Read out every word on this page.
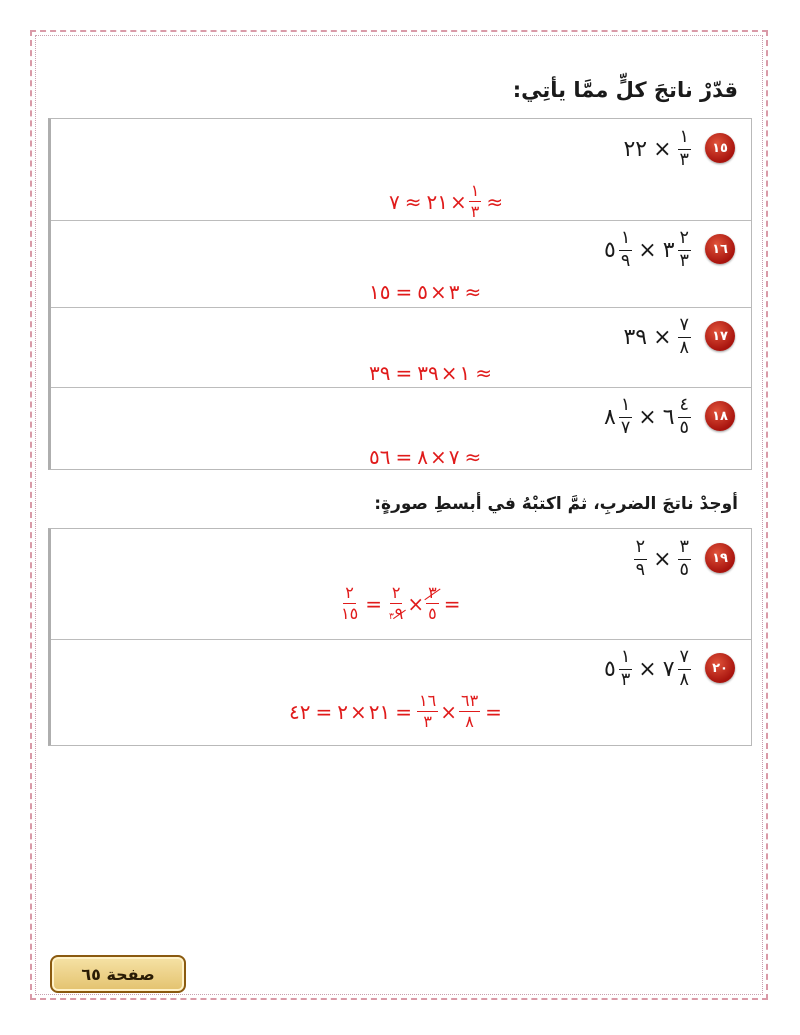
قدّرْ ناتجَ كلٍّ ممَّا يأتِي:
١٥
٢٢ × $\frac{١}{٣}$
٧ ≈ ٢١ × $\frac{١}{٣}$ ≈
١٦
٥ $\frac{١}{٩}$ × ٣ $\frac{٢}{٣}$
١٥ = ٥ × ٣ ≈
١٧
٣٩ × $\frac{٧}{٨}$
٣٩ = ٣٩ × ١ ≈
١٨
٨ $\frac{١}{٧}$ × ٦ $\frac{٤}{٥}$
٥٦ = ٨ × ٧ ≈
أوجدْ ناتجَ الضربِ، ثمَّ اكتبْهُ في أبسطِ صورةٍ:
١٩
$\frac{٢}{٩} \times \frac{٣}{٥}$
$\frac{٢}{١٥} = \frac{٢}{٣٩} \times \frac{٣}{٥}$ =
٢٠
٥ $\frac{١}{٣}$ × ٧ $\frac{٧}{٨}$
٤٢ = ٢ × ٢١ = $\frac{١٦}{٣} \times \frac{٦٣}{٨}$ =
صفحة ٦٥
